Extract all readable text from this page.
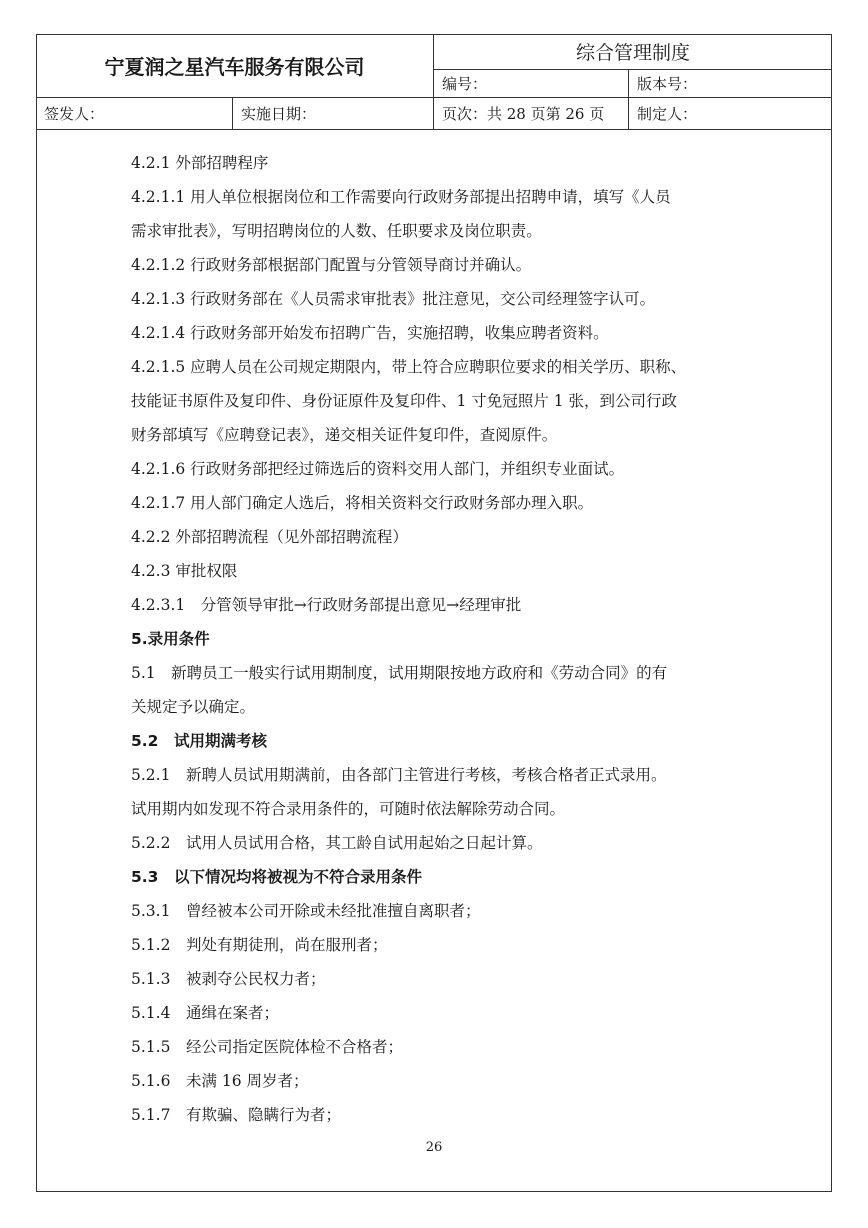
宁夏润之星汽车服务有限公司
综合管理制度
编号：	版本号：
签发人：	实施日期：	页次：共 28 页第 26 页	制定人：
4.2.1 外部招聘程序
4.2.1.1 用人单位根据岗位和工作需要向行政财务部提出招聘申请，填写《人员
需求审批表》，写明招聘岗位的人数、任职要求及岗位职责。
4.2.1.2 行政财务部根据部门配置与分管领导商讨并确认。
4.2.1.3 行政财务部在《人员需求审批表》批注意见，交公司经理签字认可。
4.2.1.4 行政财务部开始发布招聘广告，实施招聘，收集应聘者资料。
4.2.1.5 应聘人员在公司规定期限内，带上符合应聘职位要求的相关学历、职称、
技能证书原件及复印件、身份证原件及复印件、1 寸免冠照片 1 张，到公司行政
财务部填写《应聘登记表》，递交相关证件复印件，查阅原件。
4.2.1.6 行政财务部把经过筛选后的资料交用人部门，并组织专业面试。
4.2.1.7 用人部门确定人选后，将相关资料交行政财务部办理入职。
4.2.2 外部招聘流程（见外部招聘流程）
4.2.3 审批权限
4.2.3.1　分管领导审批→行政财务部提出意见→经理审批
5.录用条件
5.1　新聘员工一般实行试用期制度，试用期限按地方政府和《劳动合同》的有
关规定予以确定。
5.2　试用期满考核
5.2.1　新聘人员试用期满前，由各部门主管进行考核，考核合格者正式录用。
试用期内如发现不符合录用条件的，可随时依法解除劳动合同。
5.2.2　试用人员试用合格，其工龄自试用起始之日起计算。
5.3　以下情况均将被视为不符合录用条件
5.3.1　曾经被本公司开除或未经批准擅自离职者；
5.1.2　判处有期徒刑，尚在服刑者；
5.1.3　被剥夺公民权力者；
5.1.4　通缉在案者；
5.1.5　经公司指定医院体检不合格者；
5.1.6　未满 16 周岁者；
5.1.7　有欺骗、隐瞒行为者；
26
